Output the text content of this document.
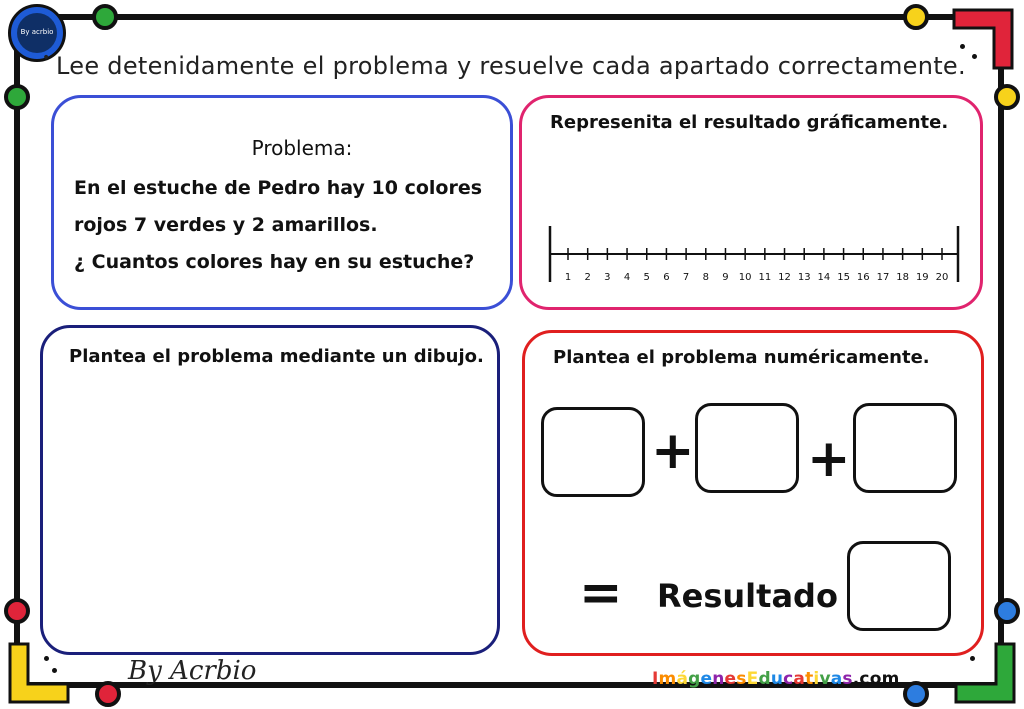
By acrbio
• Lee detenidamente el problema y resuelve cada apartado correctamente.
Problema:
En el estuche de Pedro hay 10 colores
rojos 7 verdes y 2 amarillos.
¿ Cuantos colores hay en su estuche?
Represenita el resultado gráficamente.
1 2 3 4 5 6 7 8 9 10 11 12 13 14 15 16 17 18 19 20
Plantea el problema mediante un dibujo.	Plantea el problema numéricamente.
+ +
= Resultado
By Acrbio	ImágenesEducativas.com
